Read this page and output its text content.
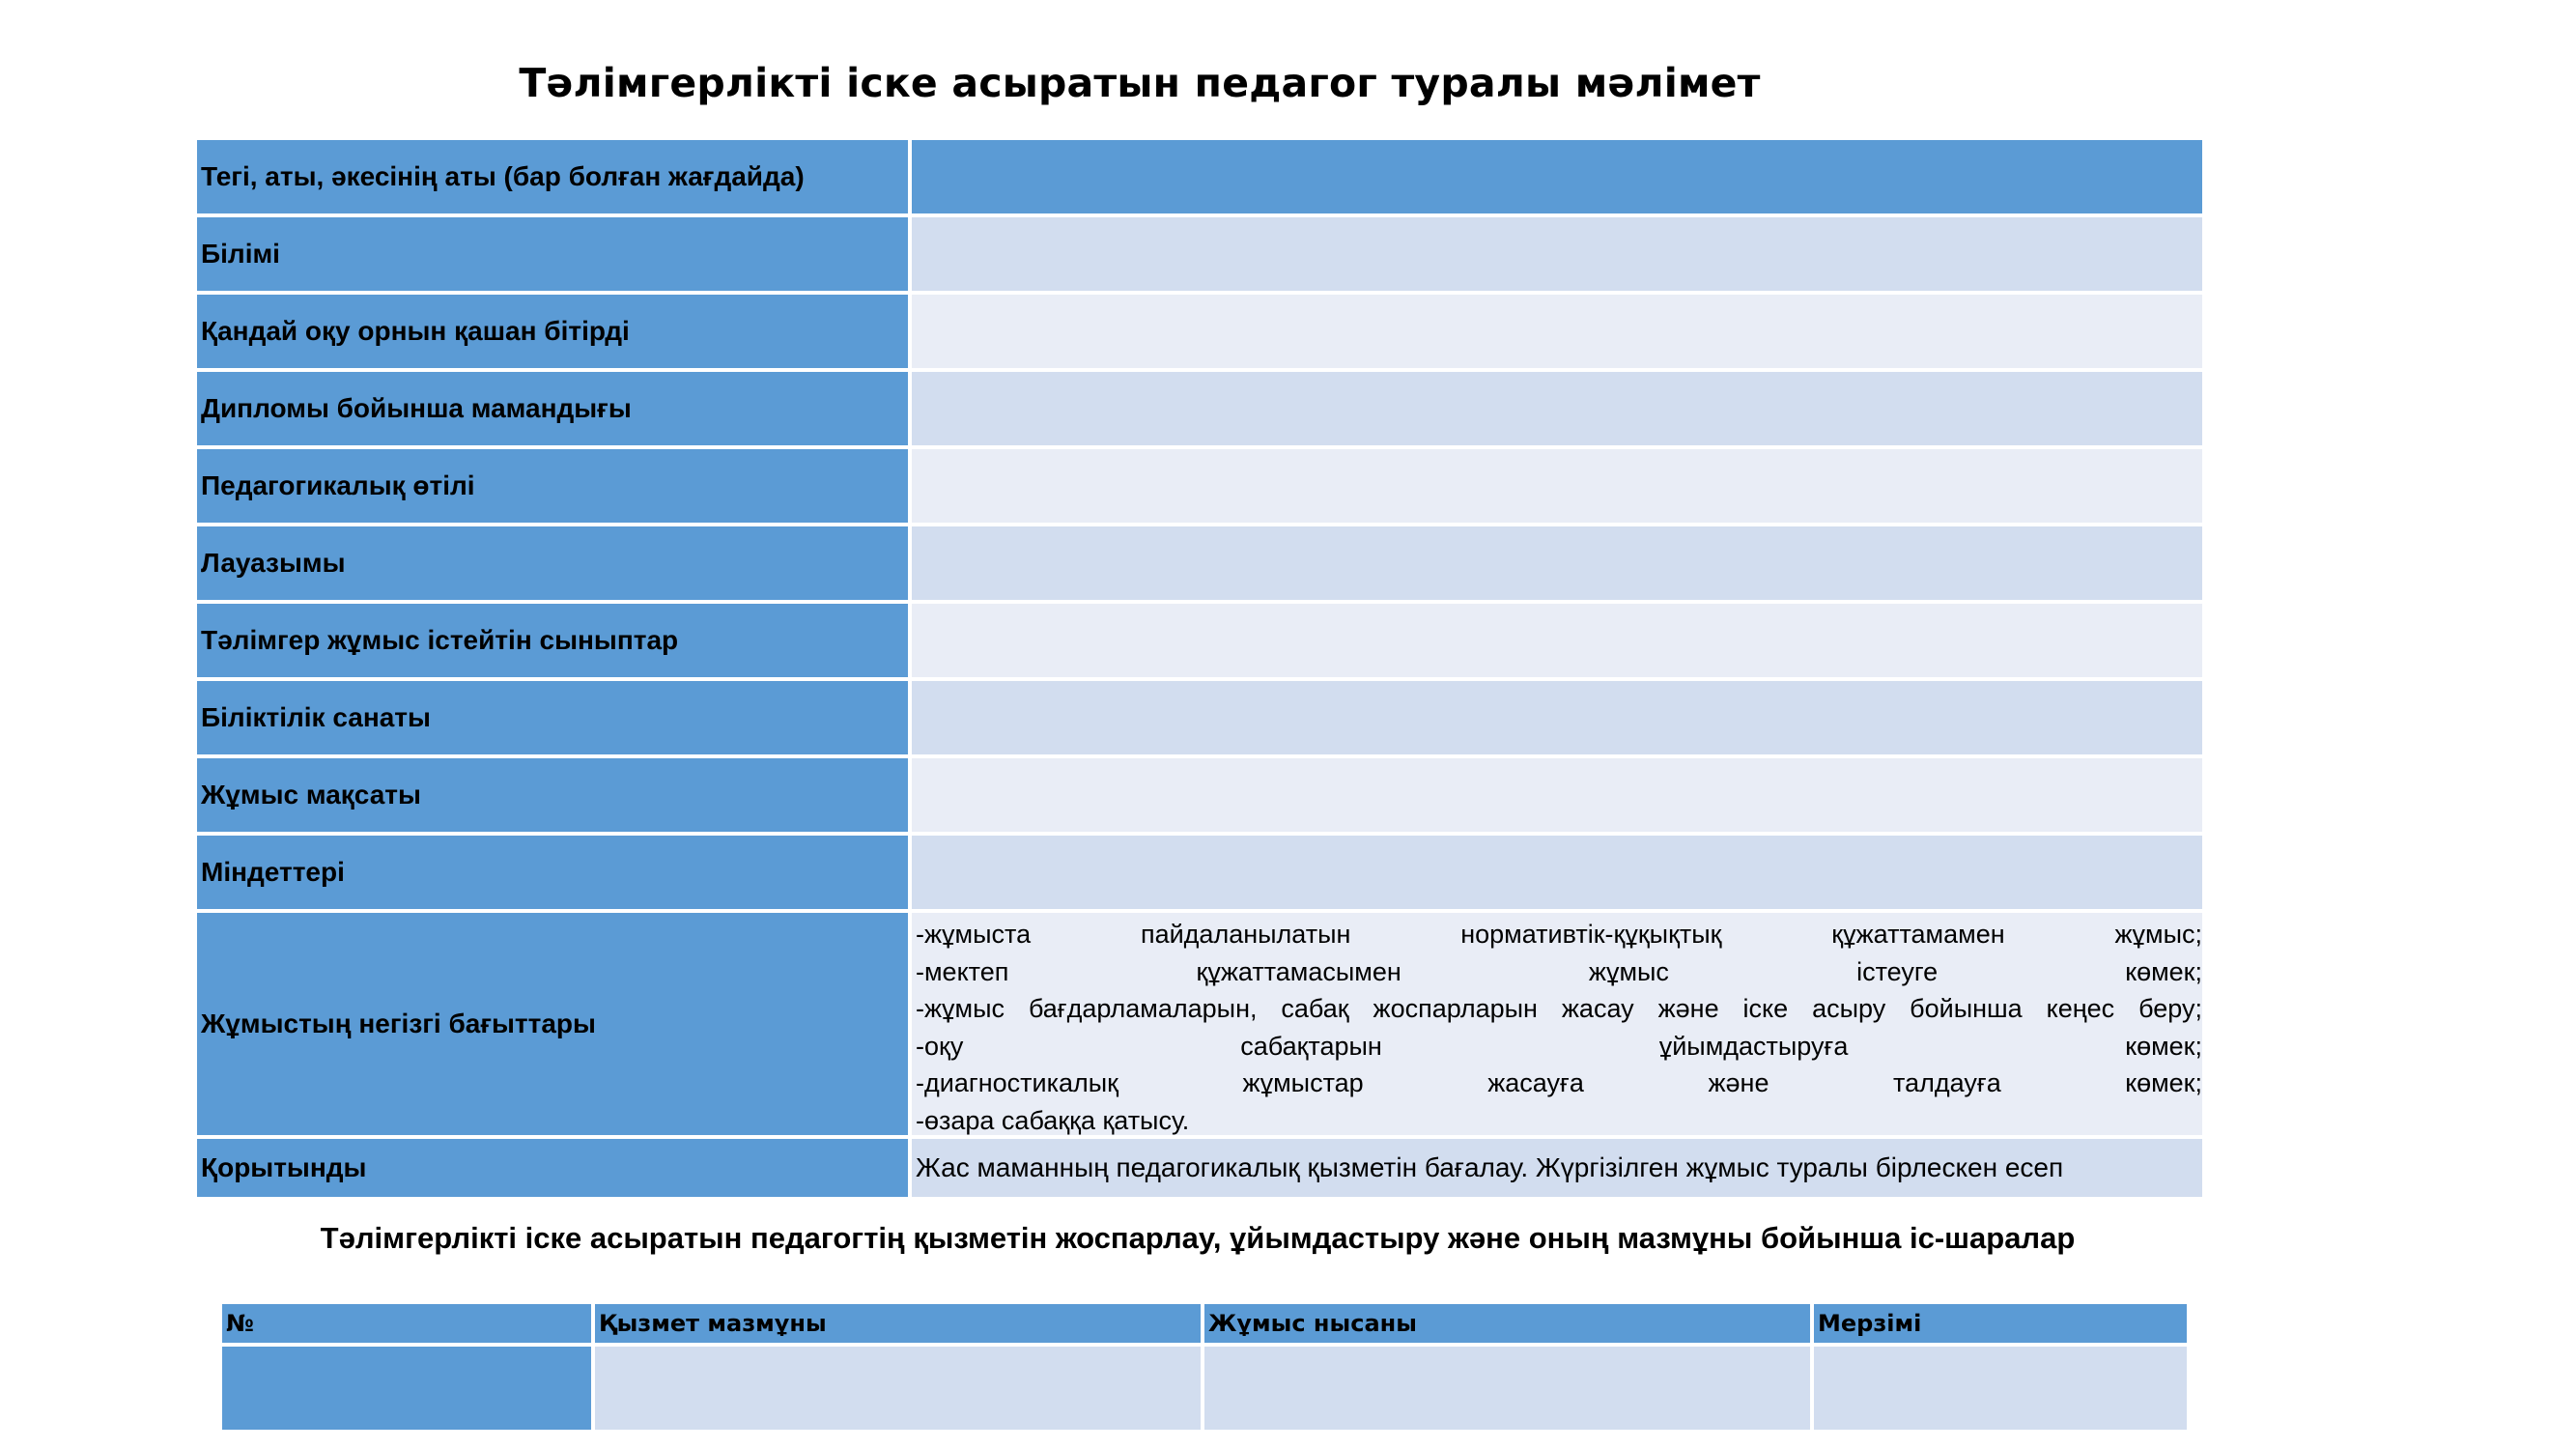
Тәлімгерлікті іске асыратын педагог туралы мәлімет
Тегі, аты, әкесінің аты (бар болған жағдайда)
Білімі
Қандай оқу орнын қашан бітірді
Дипломы бойынша мамандығы
Педагогикалық өтілі
Лауазымы
Тәлімгер жұмыс істейтін сыныптар
Біліктілік санаты
Жұмыс мақсаты
Міндеттері
Жұмыстың негізгі бағыттары
-жұмыста пайдаланылатын нормативтік-құқықтық құжаттамамен жұмыс;
-мектеп құжаттамасымен жұмыс істеуге көмек;
-жұмыс бағдарламаларын, сабақ жоспарларын жасау және іске асыру бойынша кеңес беру;
-оқу сабақтарын ұйымдастыруға көмек;
-диагностикалық жұмыстар жасауға және талдауға көмек;
-өзара сабаққа қатысу.
Қорытынды	Жас маманның педагогикалық қызметін бағалау. Жүргізілген жұмыс туралы бірлескен есеп
Тәлімгерлікті іске асыратын педагогтің қызметін жоспарлау, ұйымдастыру және оның мазмұны бойынша іс-шаралар
№	Қызмет мазмұны	Жұмыс нысаны	Мерзімі
